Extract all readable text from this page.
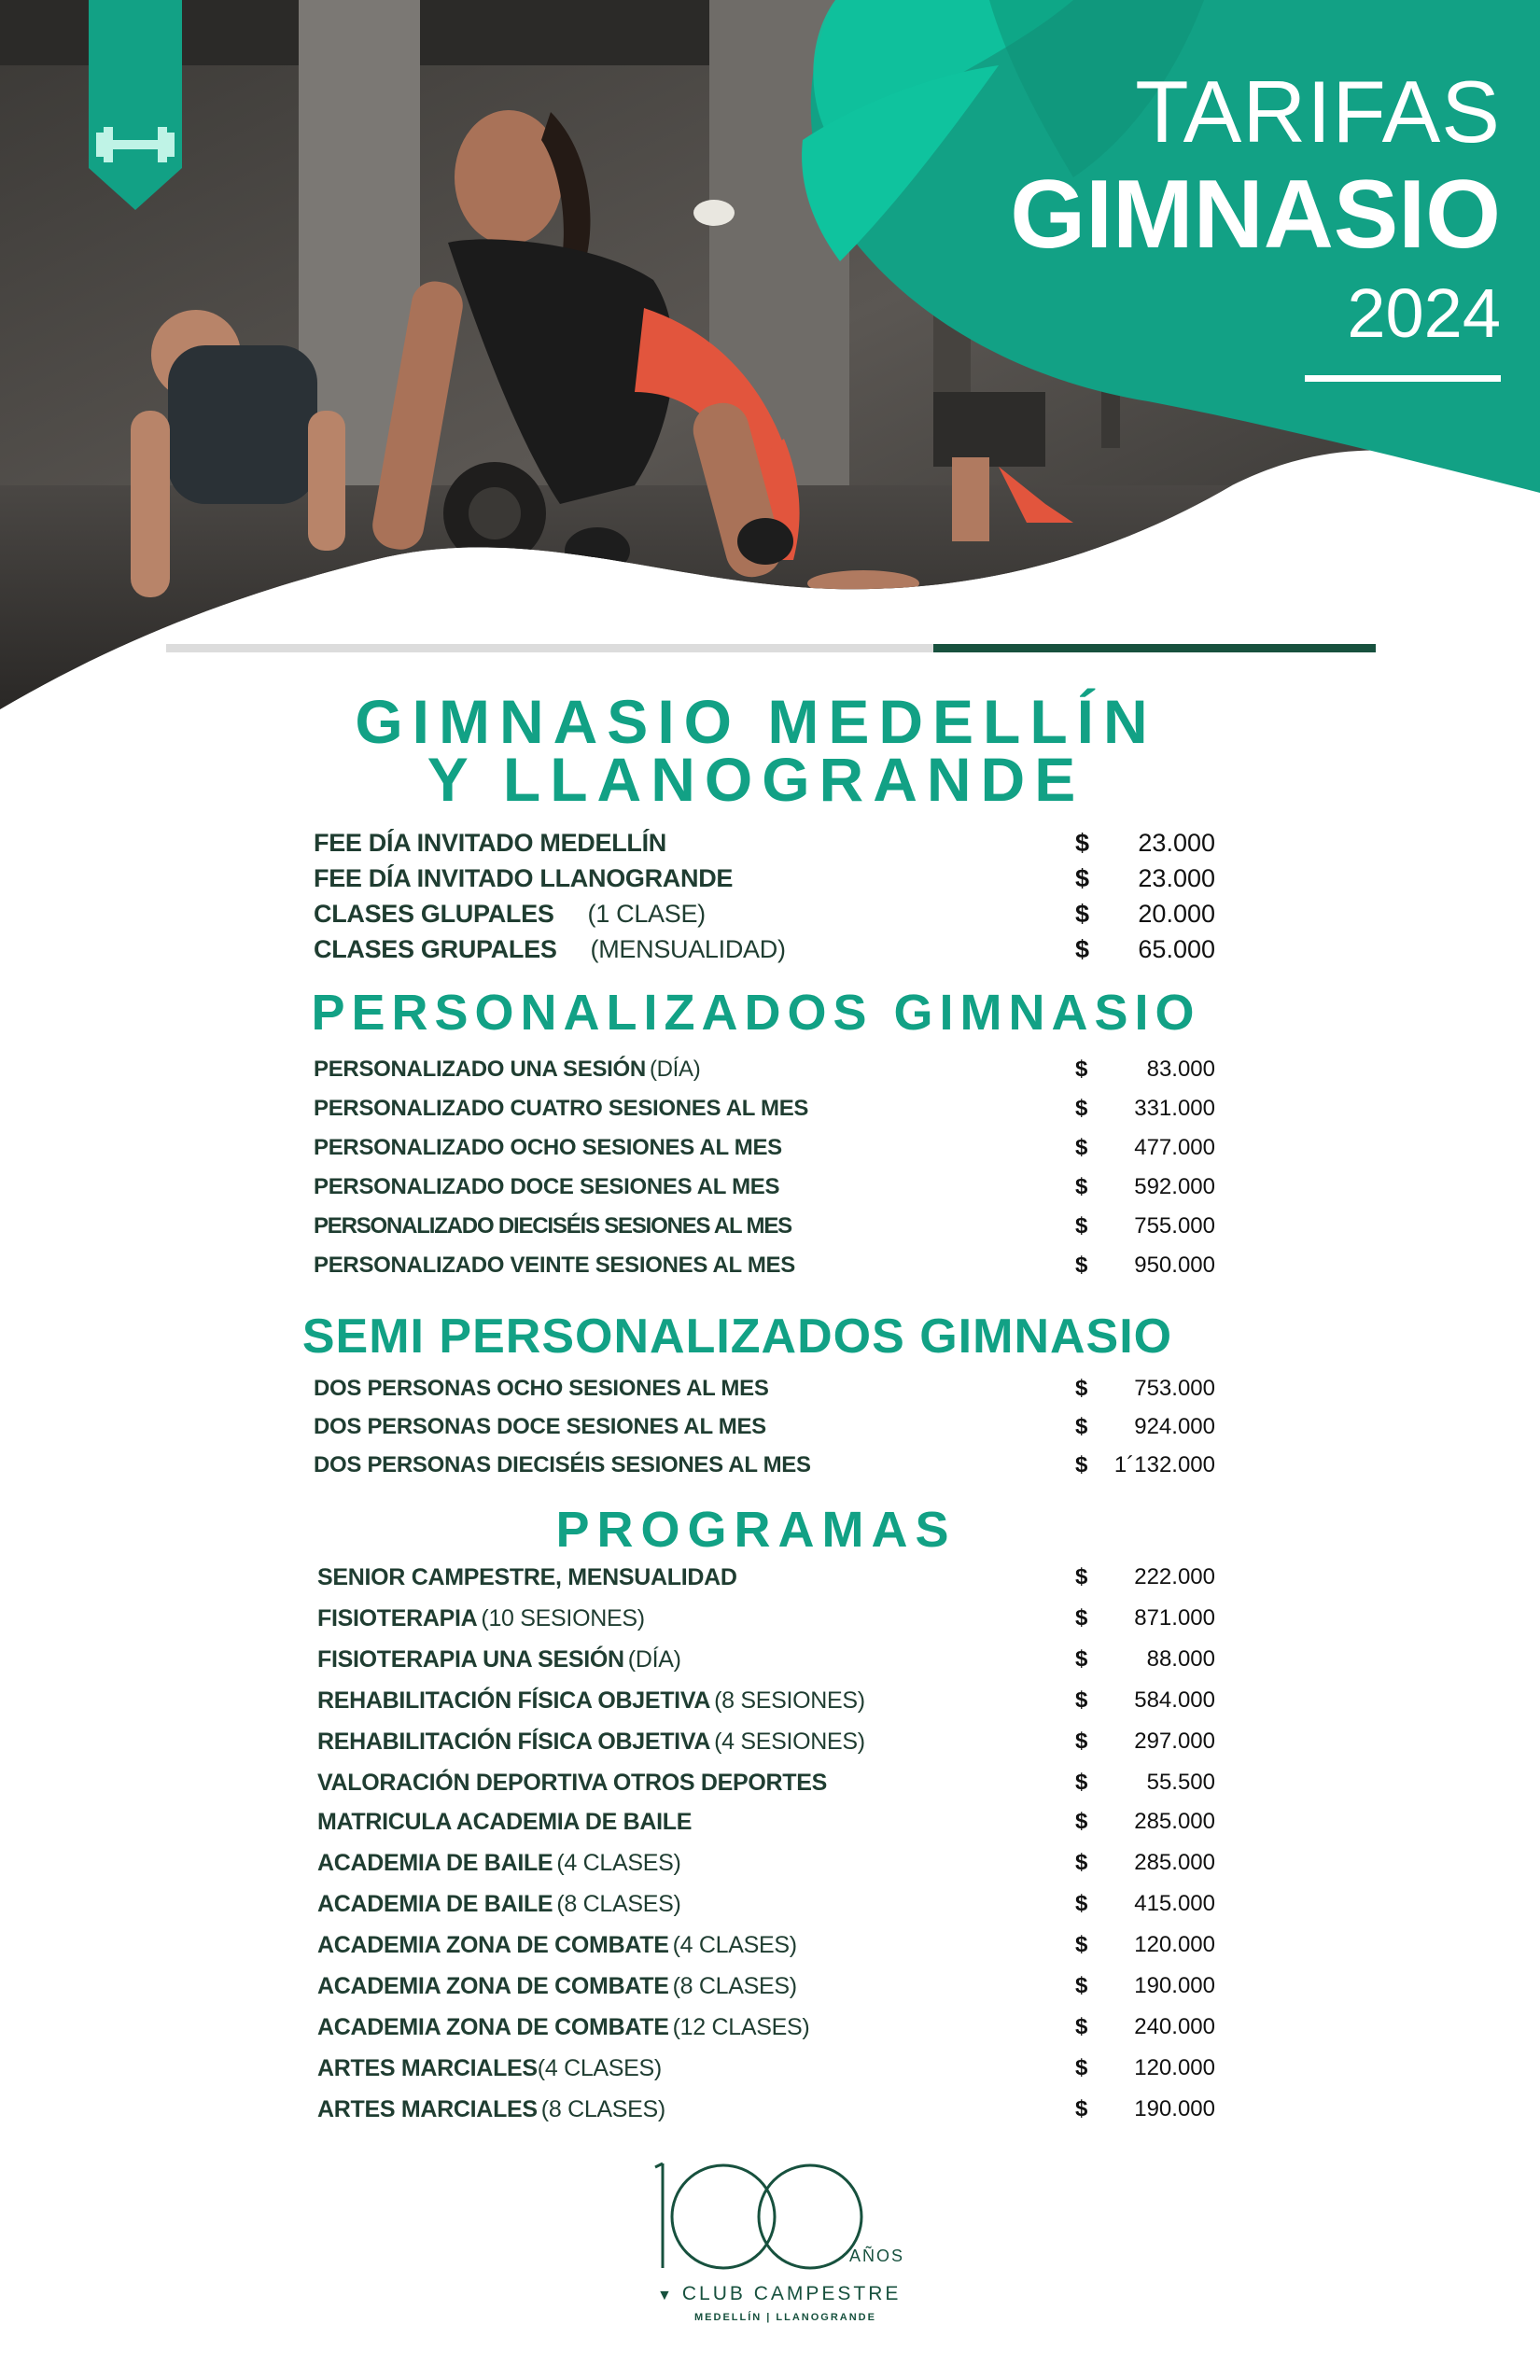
TARIFAS
GIMNASIO
2024
GIMNASIO MEDELLÍN
Y LLANOGRANDE
FEE DÍA INVITADO MEDELLÍN	$ 23.000
FEE DÍA INVITADO LLANOGRANDE	$ 23.000
CLASES GLUPALES (1 CLASE)	$ 20.000
CLASES GRUPALES (MENSUALIDAD)	$ 65.000
PERSONALIZADOS GIMNASIO
PERSONALIZADO UNA SESIÓN (DÍA)	$	83.000
PERSONALIZADO CUATRO SESIONES AL MES	$ 331.000
PERSONALIZADO OCHO SESIONES AL MES	$ 477.000
PERSONALIZADO DOCE SESIONES AL MES	$ 592.000
PERSONALIZADO DIECISÉIS SESIONES AL MES	$ 755.000
PERSONALIZADO VEINTE SESIONES AL MES	$ 950.000
SEMI PERSONALIZADOS GIMNASIO
DOS PERSONAS OCHO SESIONES AL MES	$ 753.000
DOS PERSONAS DOCE SESIONES AL MES	$ 924.000
DOS PERSONAS DIECISÉIS SESIONES AL MES	$ 1´132.000
PROGRAMAS
SENIOR CAMPESTRE, MENSUALIDAD	$ 222.000
FISIOTERAPIA (10 SESIONES)	$ 871.000
FISIOTERAPIA UNA SESIÓN (DÍA)	$	88.000
REHABILITACIÓN FÍSICA OBJETIVA (8 SESIONES)	$ 584.000
REHABILITACIÓN FÍSICA OBJETIVA (4 SESIONES)	$ 297.000
VALORACIÓN DEPORTIVA OTROS DEPORTES	$	55.500
MATRICULA ACADEMIA DE BAILE	$ 285.000
ACADEMIA DE BAILE (4 CLASES)	$ 285.000
ACADEMIA DE BAILE (8 CLASES)	$ 415.000
ACADEMIA ZONA DE COMBATE (4 CLASES)	$ 120.000
ACADEMIA ZONA DE COMBATE (8 CLASES)	$ 190.000
ACADEMIA ZONA DE COMBATE (12 CLASES)	$ 240.000
ARTES MARCIALES(4 CLASES)	$ 120.000
ARTES MARCIALES (8 CLASES)	$ 190.000
AÑOS
▼ CLUB CAMPESTRE
MEDELLÍN | LLANOGRANDE
